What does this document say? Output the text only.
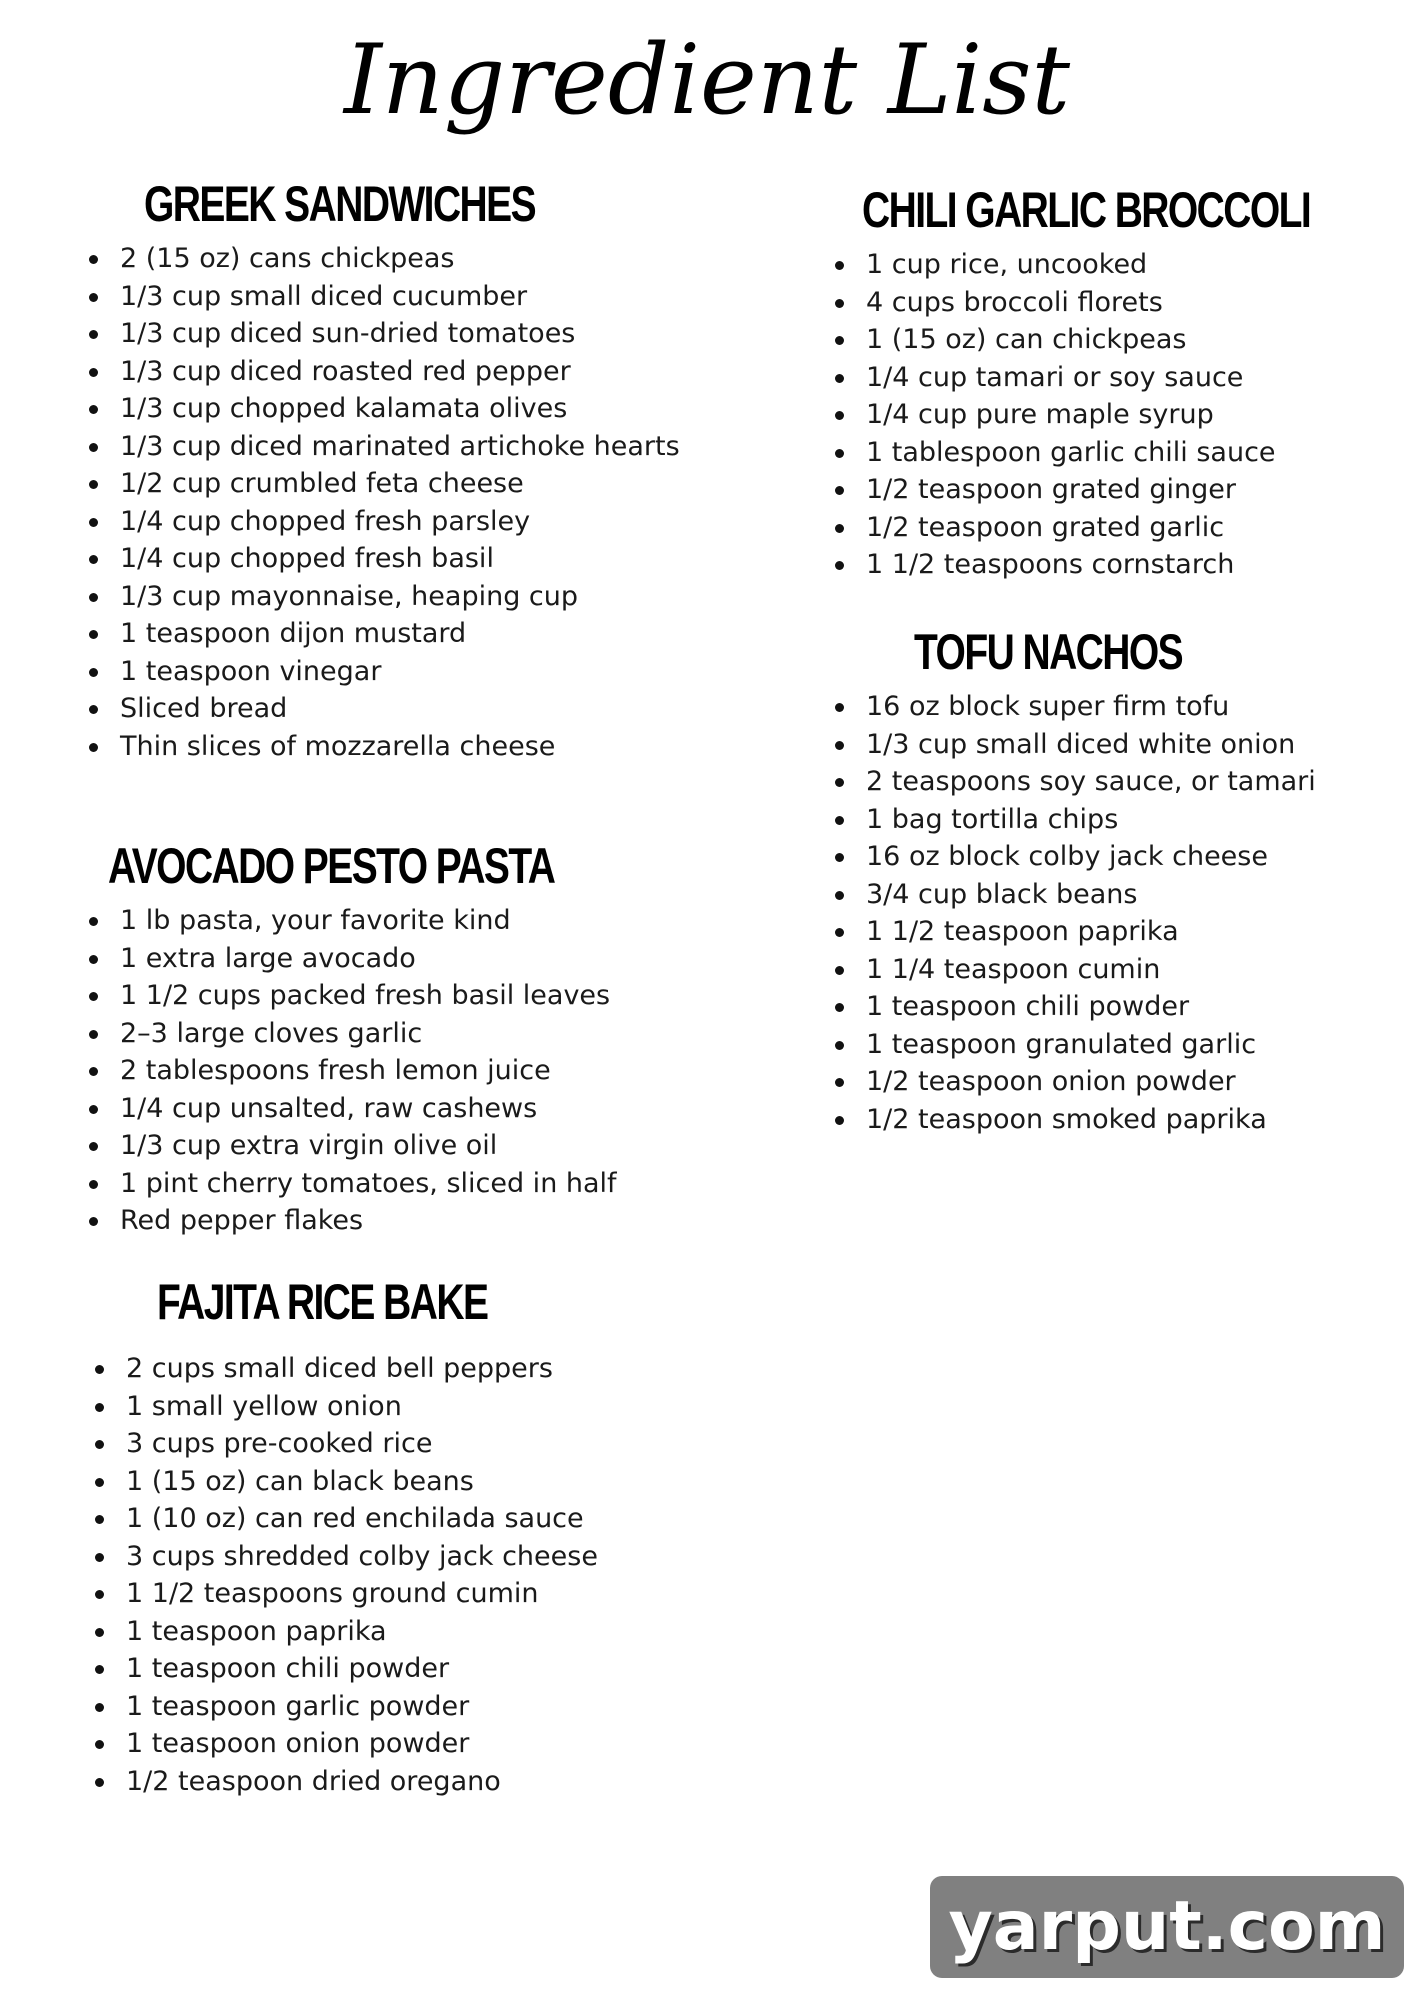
Ingredient List
GREEK SANDWICHES
2 (15 oz) cans chickpeas
1/3 cup small diced cucumber
1/3 cup diced sun-dried tomatoes
1/3 cup diced roasted red pepper
1/3 cup chopped kalamata olives
1/3 cup diced marinated artichoke hearts
1/2 cup crumbled feta cheese
1/4 cup chopped fresh parsley
1/4 cup chopped fresh basil
1/3 cup mayonnaise, heaping cup
1 teaspoon dijon mustard
1 teaspoon vinegar
Sliced bread
Thin slices of mozzarella cheese
AVOCADO PESTO PASTA
1 lb pasta, your favorite kind
1 extra large avocado
1 1/2 cups packed fresh basil leaves
2–3 large cloves garlic
2 tablespoons fresh lemon juice
1/4 cup unsalted, raw cashews
1/3 cup extra virgin olive oil
1 pint cherry tomatoes, sliced in half
Red pepper flakes
FAJITA RICE BAKE
2 cups small diced bell peppers
1 small yellow onion
3 cups pre-cooked rice
1 (15 oz) can black beans
1 (10 oz) can red enchilada sauce
3 cups shredded colby jack cheese
1 1/2 teaspoons ground cumin
1 teaspoon paprika
1 teaspoon chili powder
1 teaspoon garlic powder
1 teaspoon onion powder
1/2 teaspoon dried oregano
CHILI GARLIC BROCCOLI
1 cup rice, uncooked
4 cups broccoli florets
1 (15 oz) can chickpeas
1/4 cup tamari or soy sauce
1/4 cup pure maple syrup
1 tablespoon garlic chili sauce
1/2 teaspoon grated ginger
1/2 teaspoon grated garlic
1 1/2 teaspoons cornstarch
TOFU NACHOS
16 oz block super firm tofu
1/3 cup small diced white onion
2 teaspoons soy sauce, or tamari
1 bag tortilla chips
16 oz block colby jack cheese
3/4 cup black beans
1 1/2 teaspoon paprika
1 1/4 teaspoon cumin
1 teaspoon chili powder
1 teaspoon granulated garlic
1/2 teaspoon onion powder
1/2 teaspoon smoked paprika
yarput.com
